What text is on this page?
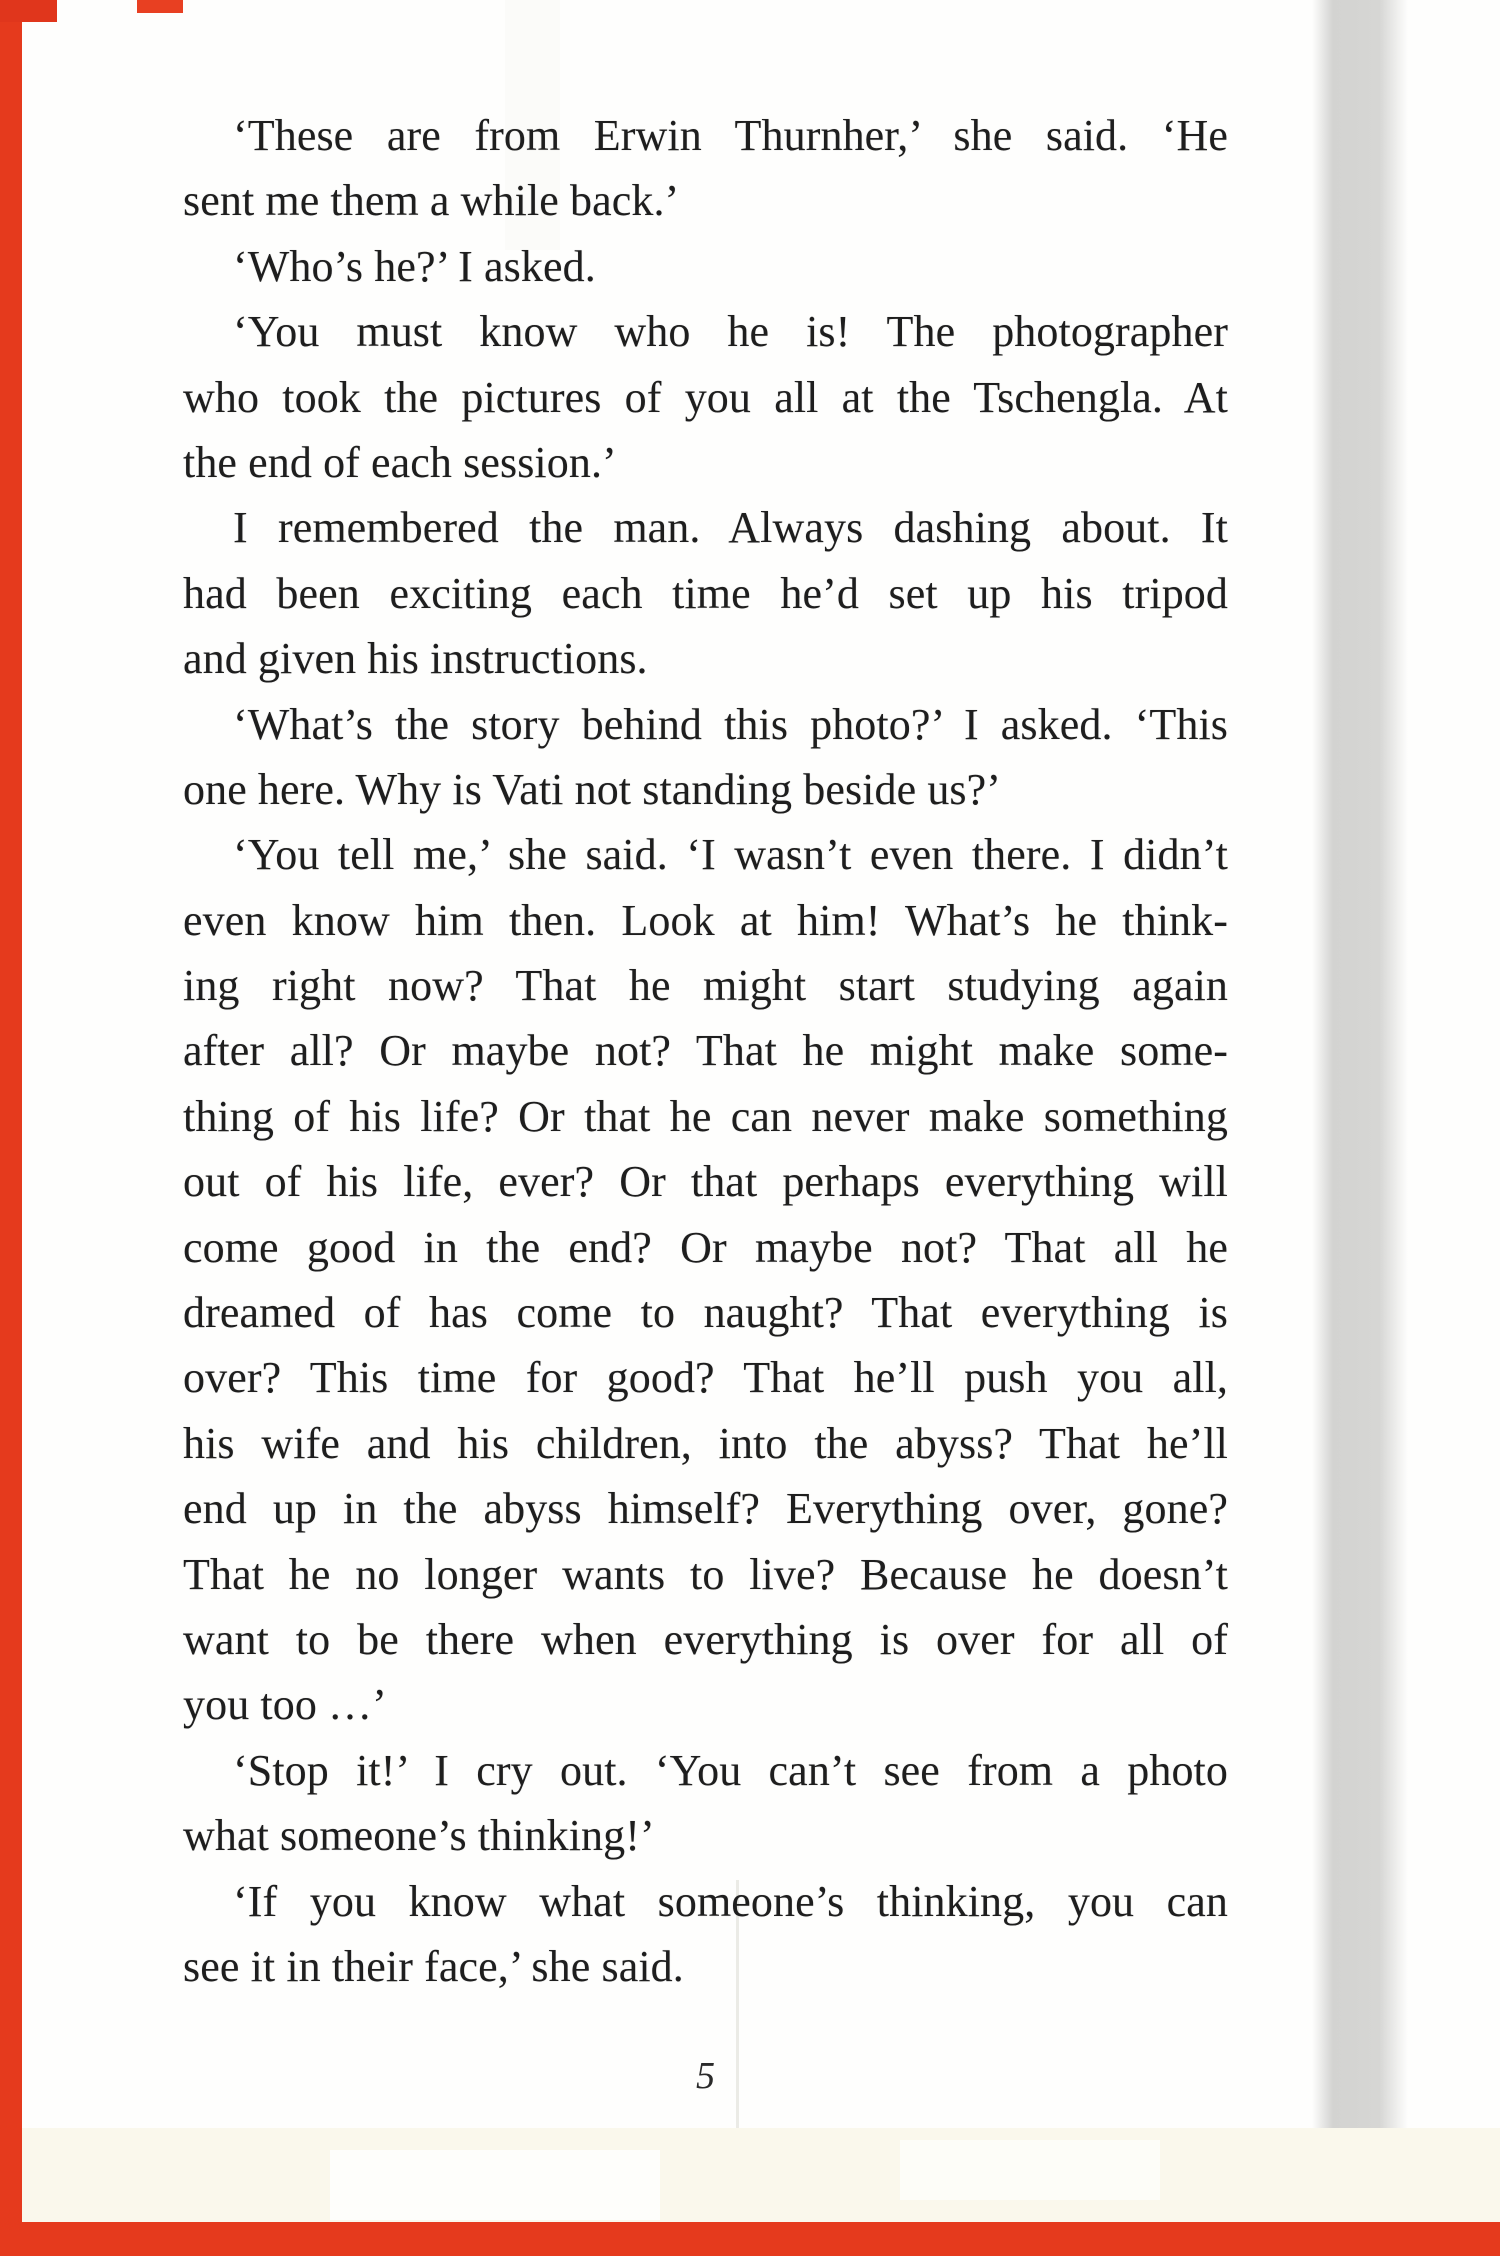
‘These are from Erwin Thurnher,’ she said. ‘He
sent me them a while back.’
‘Who’s he?’ I asked.
‘You must know who he is! The photographer
who took the pictures of you all at the Tschengla. At
the end of each session.’
I remembered the man. Always dashing about. It
had been exciting each time he’d set up his tripod
and given his instructions.
‘What’s the story behind this photo?’ I asked. ‘This
one here. Why is Vati not standing beside us?’
‘You tell me,’ she said. ‘I wasn’t even there. I didn’t
even know him then. Look at him! What’s he think-
ing right now? That he might start studying again
after all? Or maybe not? That he might make some-
thing of his life? Or that he can never make something
out of his life, ever? Or that perhaps everything will
come good in the end? Or maybe not? That all he
dreamed of has come to naught? That everything is
over? This time for good? That he’ll push you all,
his wife and his children, into the abyss? That he’ll
end up in the abyss himself? Everything over, gone?
That he no longer wants to live? Because he doesn’t
want to be there when everything is over for all of
you too …’
‘Stop it!’ I cry out. ‘You can’t see from a photo
what someone’s thinking!’
‘If you know what someone’s thinking, you can
see it in their face,’ she said.
5
